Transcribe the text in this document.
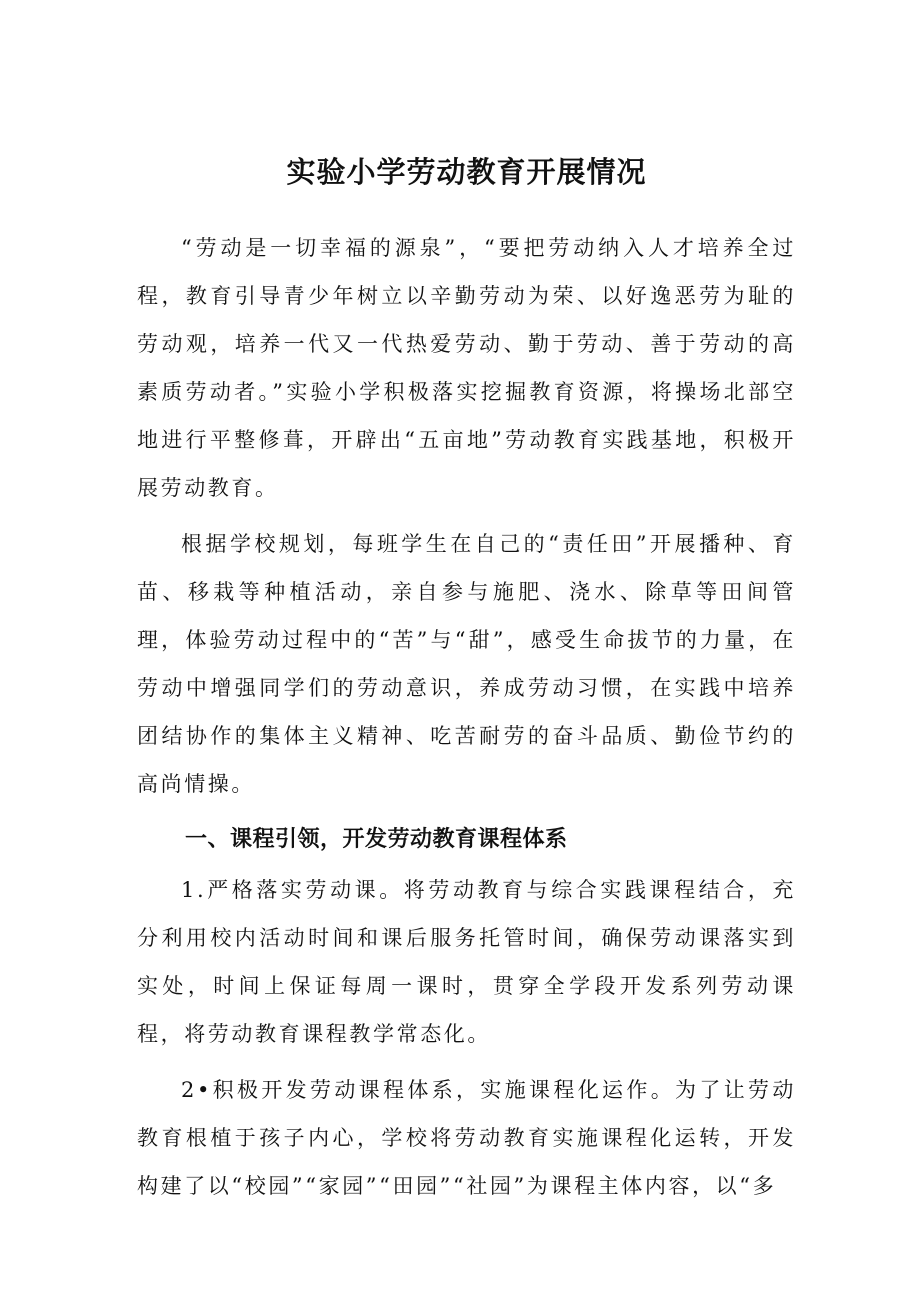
实验小学劳动教育开展情况

“劳动是一切幸福的源泉”，“要把劳动纳入人才培养全过程，教育引导青少年树立以辛勤劳动为荣、以好逸恶劳为耻的劳动观，培养一代又一代热爱劳动、勤于劳动、善于劳动的高素质劳动者。”实验小学积极落实挖掘教育资源，将操场北部空地进行平整修葺，开辟出“五亩地”劳动教育实践基地，积极开展劳动教育。

根据学校规划，每班学生在自己的“责任田”开展播种、育苗、移栽等种植活动，亲自参与施肥、浇水、除草等田间管理，体验劳动过程中的“苦”与“甜”，感受生命拔节的力量，在劳动中增强同学们的劳动意识，养成劳动习惯，在实践中培养团结协作的集体主义精神、吃苦耐劳的奋斗品质、勤俭节约的高尚情操。

一、课程引领，开发劳动教育课程体系

1.严格落实劳动课。将劳动教育与综合实践课程结合，充分利用校内活动时间和课后服务托管时间，确保劳动课落实到实处，时间上保证每周一课时，贯穿全学段开发系列劳动课程，将劳动教育课程教学常态化。

2•积极开发劳动课程体系，实施课程化运作。为了让劳动教育根植于孩子内心，学校将劳动教育实施课程化运转，开发构建了以“校园”“家园”“田园”“社园”为课程主体内容，以“多
